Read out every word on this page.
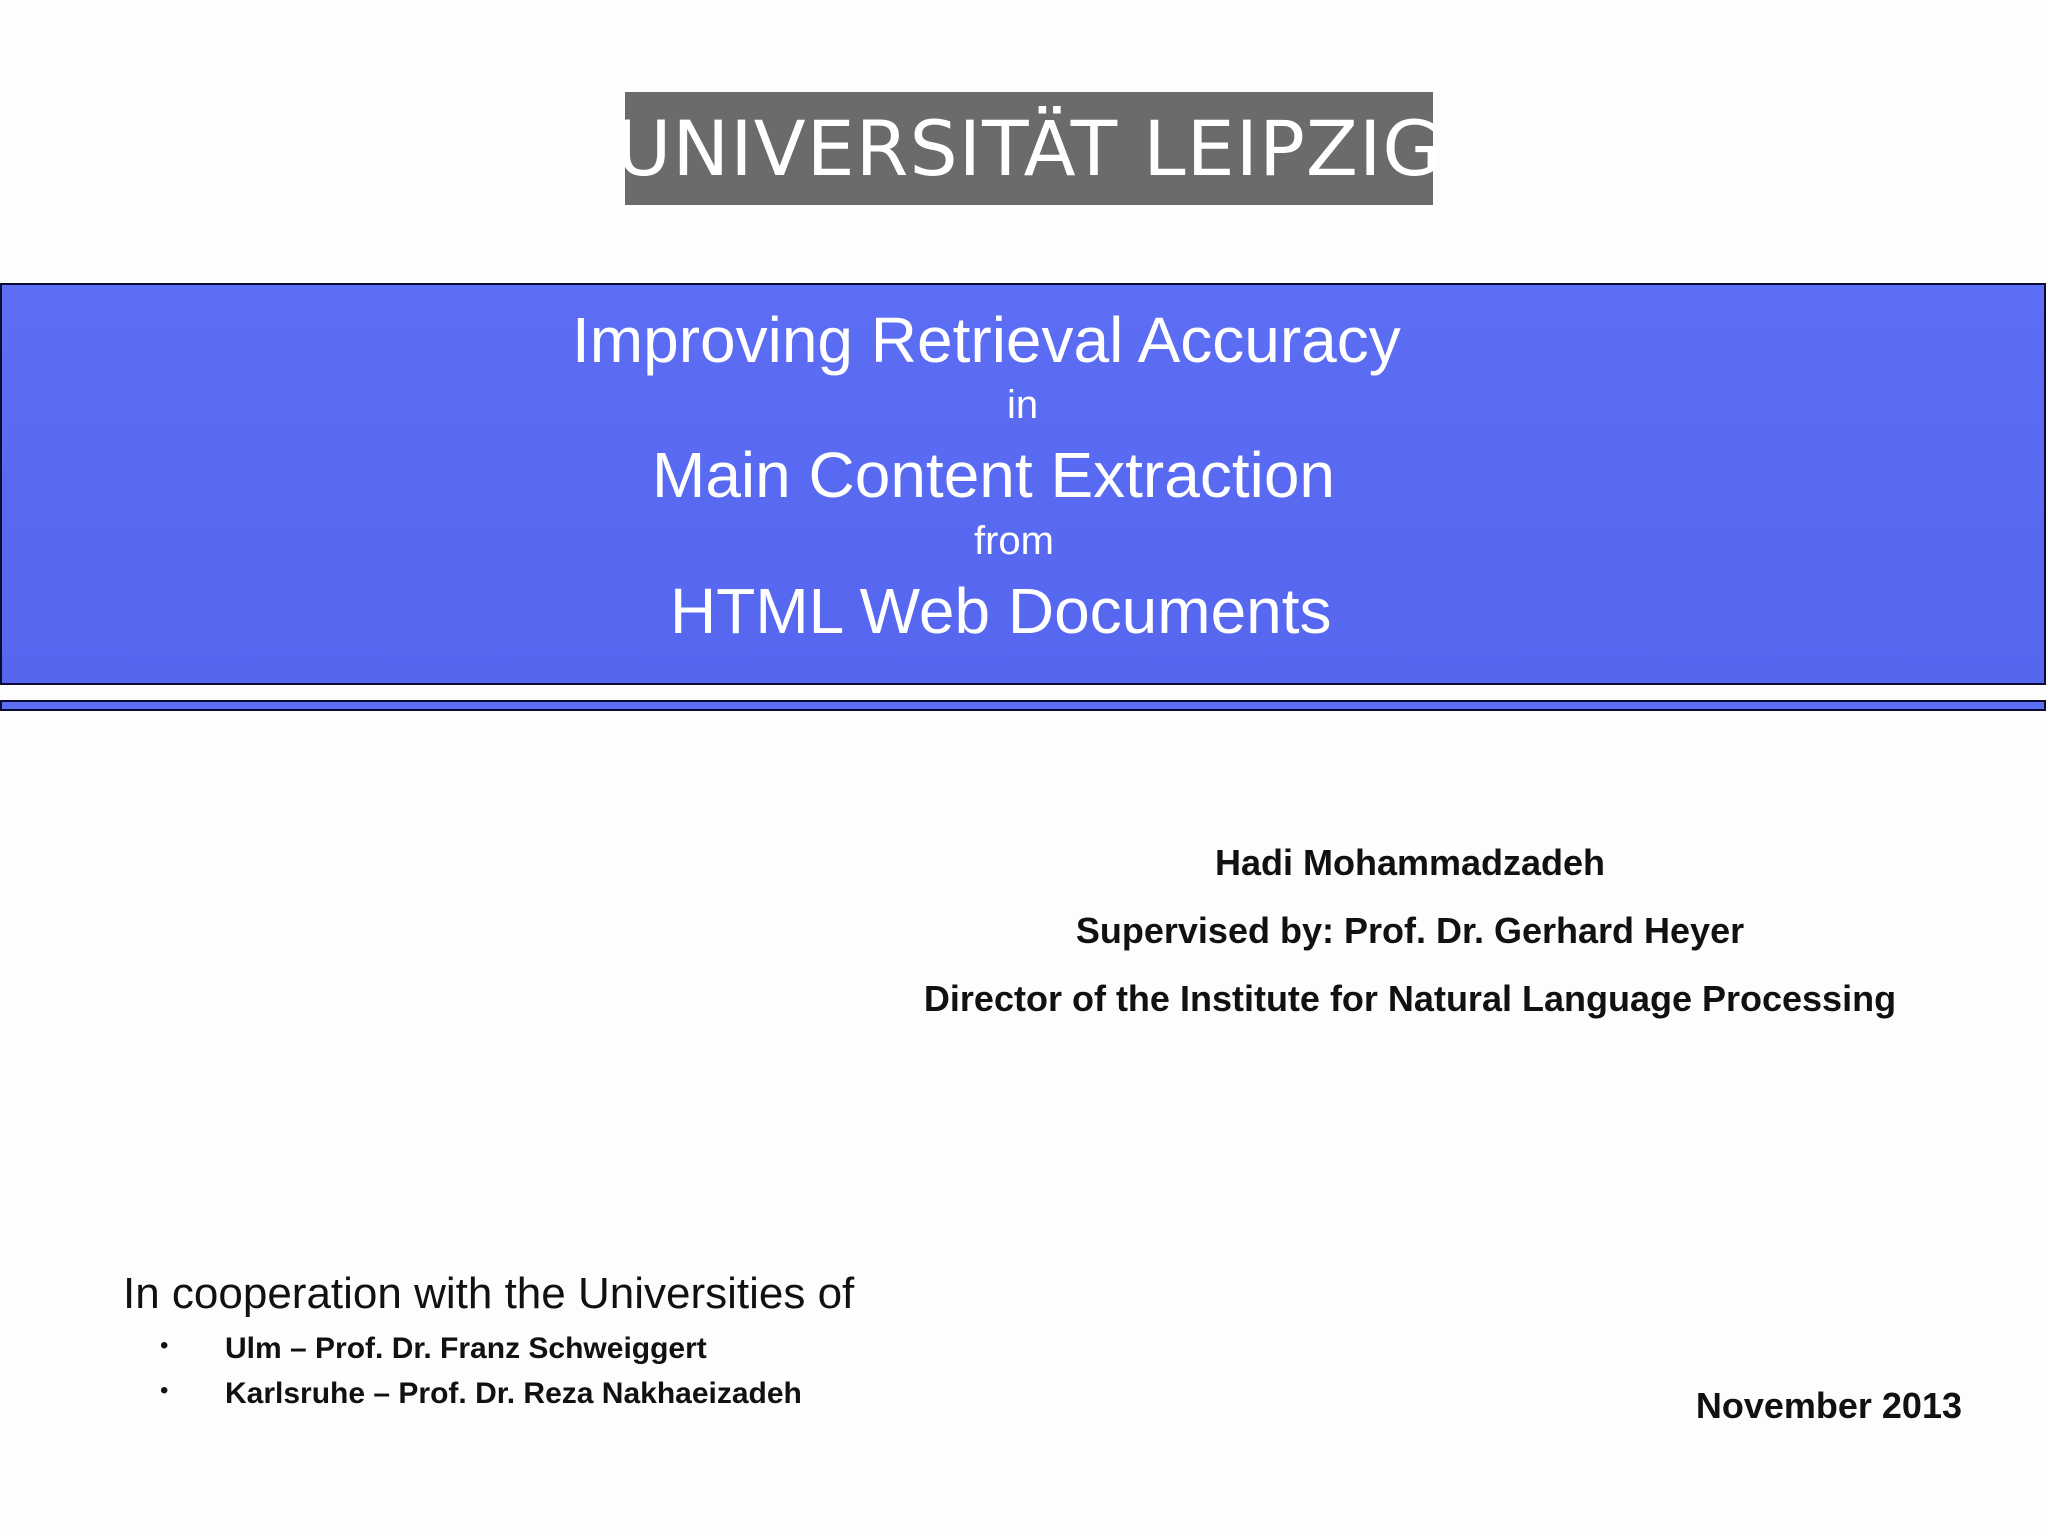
UNIVERSITÄT LEIPZIG
Improving Retrieval Accuracy
in
Main Content Extraction
from
HTML Web Documents
Hadi Mohammadzadeh
Supervised by: Prof. Dr. Gerhard Heyer
Director of the Institute for Natural Language Processing
In cooperation with the Universities of
• Ulm – Prof. Dr. Franz Schweiggert
• Karlsruhe – Prof. Dr. Reza Nakhaeizadeh	November 2013
